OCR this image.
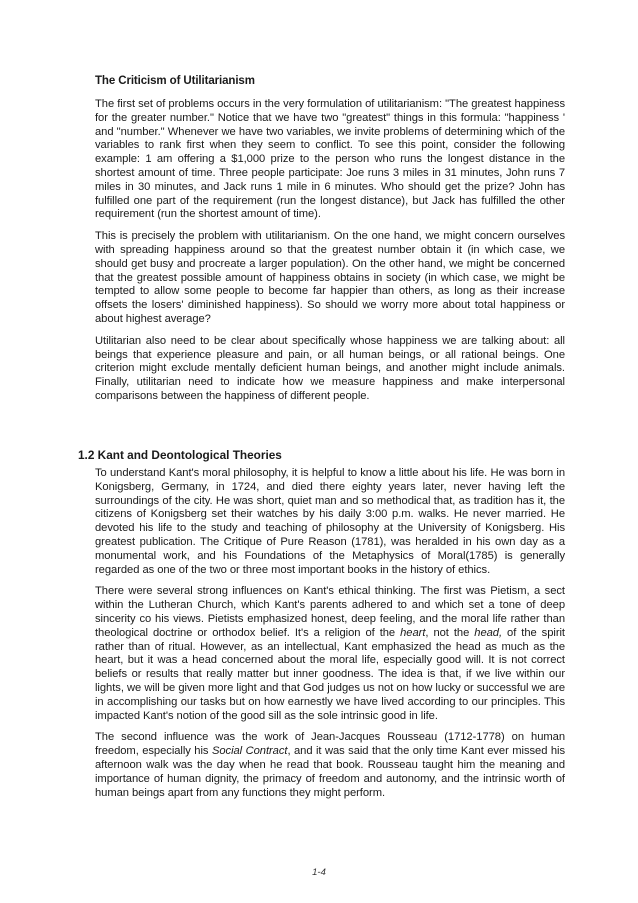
The Criticism of Utilitarianism

The first set of problems occurs in the very formulation of utilitarianism: "The greatest happiness for the greater number." Notice that we have two "greatest" things in this formula: "happiness ' and "number." Whenever we have two variables, we invite problems of determining which of the variables to rank first when they seem to conflict. To see this point, consider the following example: 1 am offering a $1,000 prize to the person who runs the longest distance in the shortest amount of time. Three people participate: Joe runs 3 miles in 31 minutes, John runs 7 miles in 30 minutes, and Jack runs 1 mile in 6 minutes. Who should get the prize? John has fulfilled one part of the requirement (run the longest distance), but Jack has fulfilled the other requirement (run the shortest amount of time).

This is precisely the problem with utilitarianism. On the one hand, we might concern ourselves with spreading happiness around so that the greatest number obtain it (in which case, we should get busy and procreate a larger population). On the other hand, we might be concerned that the greatest possible amount of happiness obtains in society (in which case, we might be tempted to allow some people to become far happier than others, as long as their increase offsets the losers' diminished happiness). So should we worry more about total happiness or about highest average?

Utilitarian also need to be clear about specifically whose happiness we are talking about: all beings that experience pleasure and pain, or all human beings, or all rational beings. One criterion might exclude mentally deficient human beings, and another might include animals. Finally, utilitarian need to indicate how we measure happiness and make interpersonal comparisons between the happiness of different people.

1.2 Kant and Deontological Theories

To understand Kant's moral philosophy, it is helpful to know a little about his life. He was born in Konigsberg, Germany, in 1724, and died there eighty years later, never having left the surroundings of the city. He was short, quiet man and so methodical that, as tradition has it, the citizens of Konigsberg set their watches by his daily 3:00 p.m. walks. He never married. He devoted his life to the study and teaching of philosophy at the University of Konigsberg. His greatest publication. The Critique of Pure Reason (1781), was heralded in his own day as a monumental work, and his Foundations of the Metaphysics of Moral(1785) is generally regarded as one of the two or three most important books in the history of ethics.

There were several strong influences on Kant's ethical thinking. The first was Pietism, a sect within the Lutheran Church, which Kant's parents adhered to and which set a tone of deep sincerity co his views. Pietists emphasized honest, deep feeling, and the moral life rather than theological doctrine or orthodox belief. It's a religion of the heart, not the head, of the spirit rather than of ritual. However, as an intellectual, Kant emphasized the head as much as the heart, but it was a head concerned about the moral life, especially good will. It is not correct beliefs or results that really matter but inner goodness. The idea is that, if we live within our lights, we will be given more light and that God judges us not on how lucky or successful we are in accomplishing our tasks but on how earnestly we have lived according to our principles. This impacted Kant's notion of the good sill as the sole intrinsic good in life.

The second influence was the work of Jean-Jacques Rousseau (1712-1778) on human freedom, especially his Social Contract, and it was said that the only time Kant ever missed his afternoon walk was the day when he read that book. Rousseau taught him the meaning and importance of human dignity, the primacy of freedom and autonomy, and the intrinsic worth of human beings apart from any functions they might perform.

1-4
